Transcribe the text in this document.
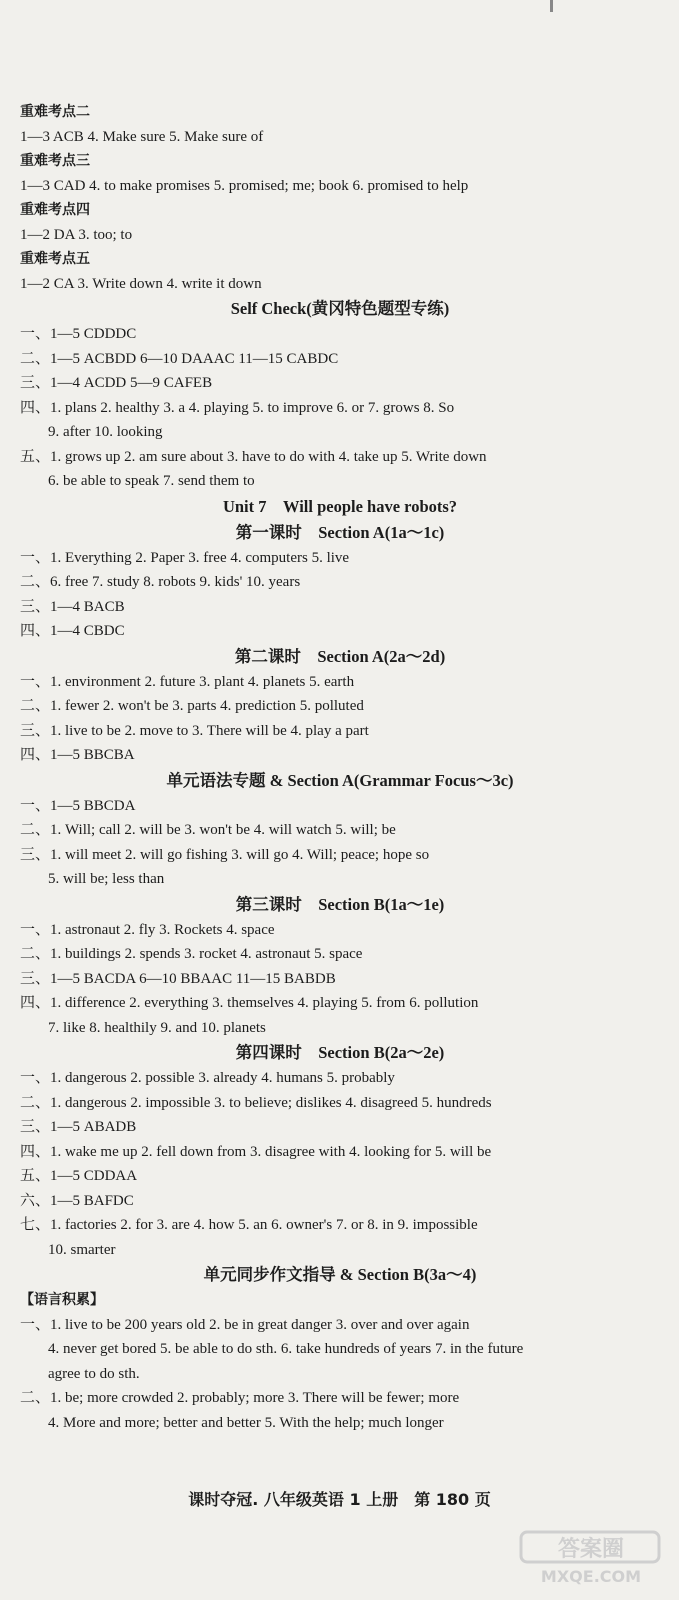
重难考点二
1—3 ACB 4. Make sure 5. Make sure of
重难考点三
1—3 CAD 4. to make promises 5. promised; me; book 6. promised to help
重难考点四
1—2 DA 3. too; to
重难考点五
1—2 CA 3. Write down 4. write it down
Self Check(黄冈特色题型专练)
一、1—5 CDDDC
二、1—5 ACBDD 6—10 DAAAC 11—15 CABDC
三、1—4 ACDD 5—9 CAFEB
四、1. plans 2. healthy 3. a 4. playing 5. to improve 6. or 7. grows 8. So
9. after 10. looking
五、1. grows up 2. am sure about 3. have to do with 4. take up 5. Write down
6. be able to speak 7. send them to
Unit 7　Will people have robots?
第一课时　Section A(1a～1c)
一、1. Everything 2. Paper 3. free 4. computers 5. live
二、6. free 7. study 8. robots 9. kids' 10. years
三、1—4 BACB
四、1—4 CBDC
第二课时　Section A(2a～2d)
一、1. environment 2. future 3. plant 4. planets 5. earth
二、1. fewer 2. won't be 3. parts 4. prediction 5. polluted
三、1. live to be 2. move to 3. There will be 4. play a part
四、1—5 BBCBA
单元语法专题 & Section A(Grammar Focus～3c)
一、1—5 BBCDA
二、1. Will; call 2. will be 3. won't be 4. will watch 5. will; be
三、1. will meet 2. will go fishing 3. will go 4. Will; peace; hope so
5. will be; less than
第三课时　Section B(1a～1e)
一、1. astronaut 2. fly 3. Rockets 4. space
二、1. buildings 2. spends 3. rocket 4. astronaut 5. space
三、1—5 BACDA 6—10 BBAAC 11—15 BABDB
四、1. difference 2. everything 3. themselves 4. playing 5. from 6. pollution
7. like 8. healthily 9. and 10. planets
第四课时　Section B(2a～2e)
一、1. dangerous 2. possible 3. already 4. humans 5. probably
二、1. dangerous 2. impossible 3. to believe; dislikes 4. disagreed 5. hundreds
三、1—5 ABADB
四、1. wake me up 2. fell down from 3. disagree with 4. looking for 5. will be
五、1—5 CDDAA
六、1—5 BAFDC
七、1. factories 2. for 3. are 4. how 5. an 6. owner's 7. or 8. in 9. impossible
10. smarter
单元同步作文指导 & Section B(3a～4)
【语言积累】
一、1. live to be 200 years old 2. be in great danger 3. over and over again
4. never get bored 5. be able to do sth. 6. take hundreds of years 7. in the future
agree to do sth.
二、1. be; more crowded 2. probably; more 3. There will be fewer; more
4. More and more; better and better 5. With the help; much longer
课时夺冠. 八年级英语 1 上册　第 180 页
答案圈
MXQE.COM
